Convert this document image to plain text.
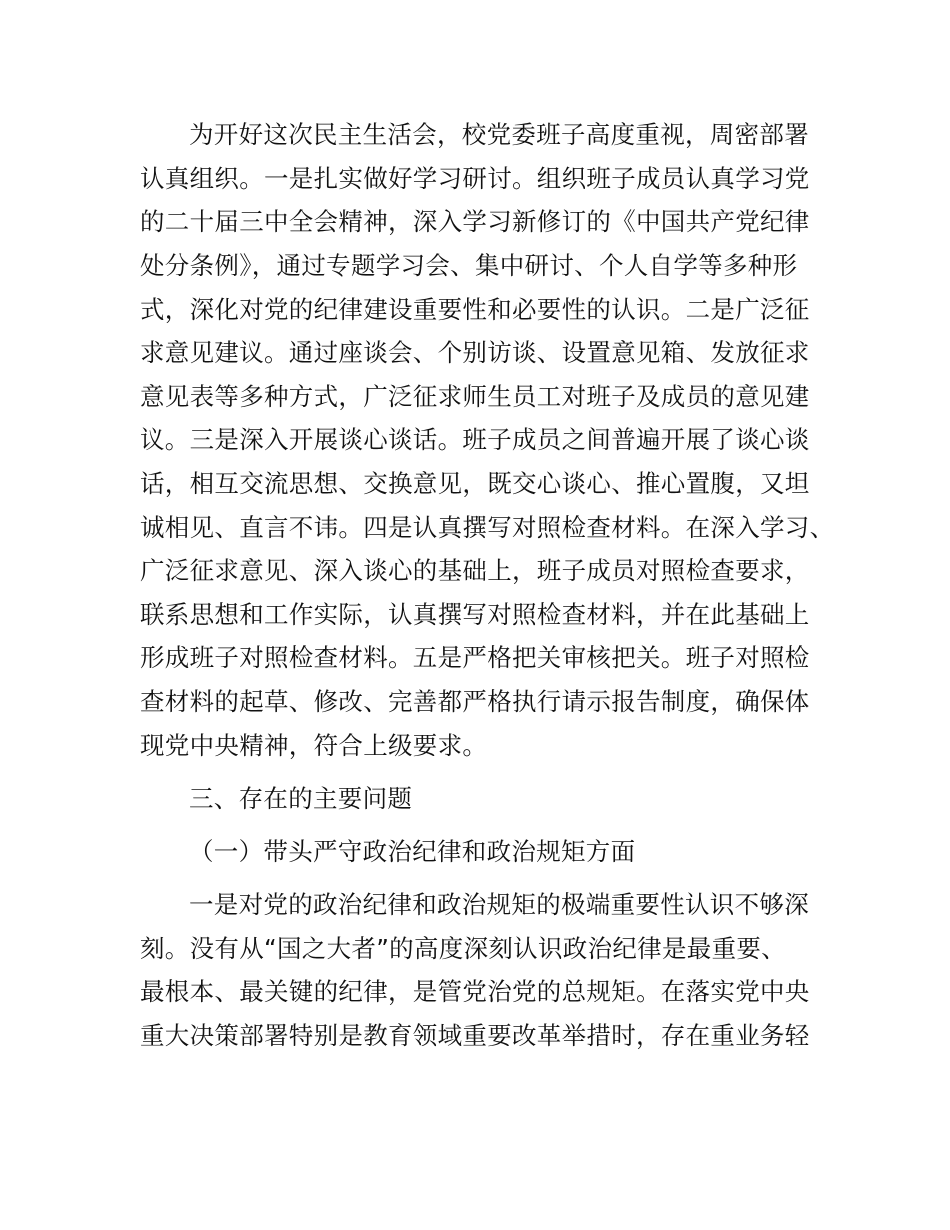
为开好这次民主生活会，校党委班子高度重视，周密部署
认真组织。一是扎实做好学习研讨。组织班子成员认真学习党
的二十届三中全会精神，深入学习新修订的《中国共产党纪律
处分条例》，通过专题学习会、集中研讨、个人自学等多种形
式，深化对党的纪律建设重要性和必要性的认识。二是广泛征
求意见建议。通过座谈会、个别访谈、设置意见箱、发放征求
意见表等多种方式，广泛征求师生员工对班子及成员的意见建
议。三是深入开展谈心谈话。班子成员之间普遍开展了谈心谈
话，相互交流思想、交换意见，既交心谈心、推心置腹，又坦
诚相见、直言不讳。四是认真撰写对照检查材料。在深入学习、
广泛征求意见、深入谈心的基础上，班子成员对照检查要求，
联系思想和工作实际，认真撰写对照检查材料，并在此基础上
形成班子对照检查材料。五是严格把关审核把关。班子对照检
查材料的起草、修改、完善都严格执行请示报告制度，确保体
现党中央精神，符合上级要求。
三、存在的主要问题
（一）带头严守政治纪律和政治规矩方面
一是对党的政治纪律和政治规矩的极端重要性认识不够深
刻。没有从“国之大者”的高度深刻认识政治纪律是最重要、
最根本、最关键的纪律，是管党治党的总规矩。在落实党中央
重大决策部署特别是教育领域重要改革举措时，存在重业务轻
